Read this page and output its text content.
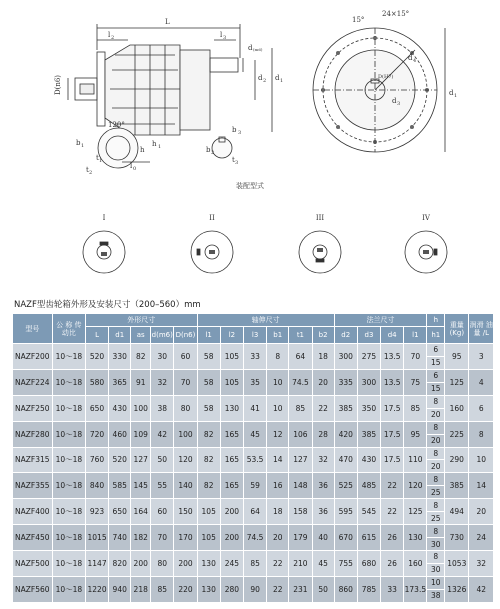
L
l 2	l 3
d (m6)
D(n6)	d 2 d 1
120°
b 1
t 1
t 2
h
h 1
l 0
b 3
t 3
b 2
15°
24×15°
d 4
d 3
D(H7)
d 1
装配型式
I	II	III	IV
NAZF型齿轮箱外形及安装尺寸（200–560）mm
型号	公 称 传动比	外形尺寸					轴伸尺寸						法兰尺寸				h	重量 (Kg)	润滑 油量 /L
		L	d1	as	d(m6)	D(n6)	l1	l2	l3	b1	t1	b2	d2	d3	d4	l1	h1		
NAZF200	10～18	520	330	82	30	60	58	105	33	8	64	18	300	275	13.5	70	6	95	3
																	15		
NAZF224	10～18	580	365	91	32	70	58	105	35	10	74.5	20	335	300	13.5	75	6	125	4
																	15		
NAZF250	10～18	650	430	100	38	80	58	130	41	10	85	22	385	350	17.5	85	8	160	6
																	20		
NAZF280	10～18	720	460	109	42	100	82	165	45	12	106	28	420	385	17.5	95	8	225	8
																	20		
NAZF315	10～18	760	520	127	50	120	82	165	53.5	14	127	32	470	430	17.5	110	8	290	10
																	20		
NAZF355	10～18	840	585	145	55	140	82	165	59	16	148	36	525	485	22	120	8	385	14
																	25		
NAZF400	10～18	923	650	164	60	150	105	200	64	18	158	36	595	545	22	125	8	494	20
																	25		
NAZF450	10～18	1015	740	182	70	170	105	200	74.5	20	179	40	670	615	26	130	8	730	24
																	30		
NAZF500	10～18	1147	820	200	80	200	130	245	85	22	210	45	755	680	26	160	8	1053	32
																	30		
NAZF560	10～18	1220	940	218	85	220	130	280	90	22	231	50	860	785	33	173.5	10	1326	42
																	38		
